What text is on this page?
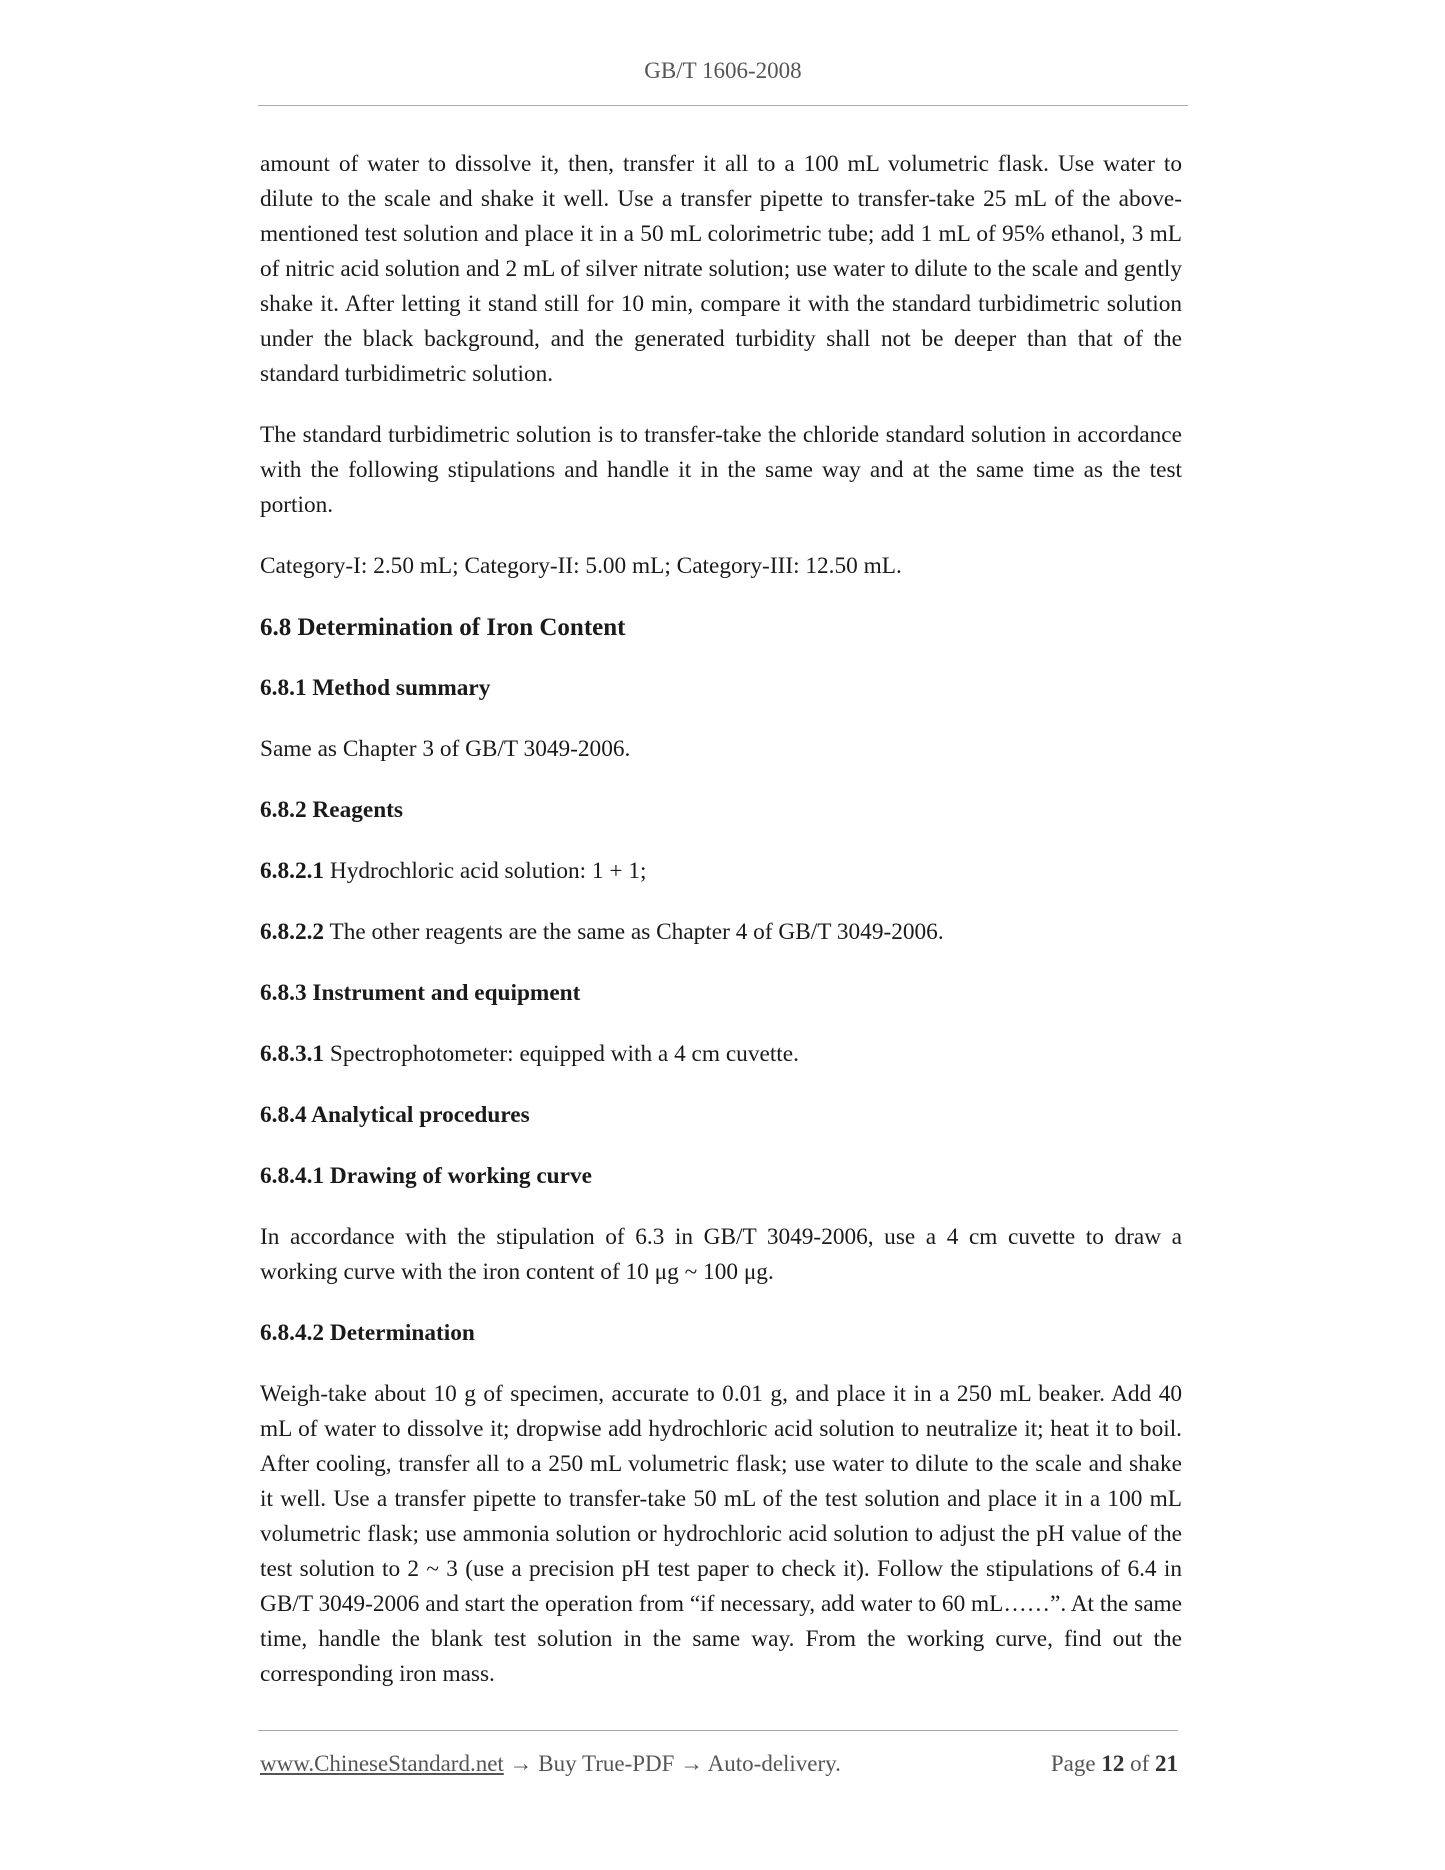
GB/T 1606-2008

amount of water to dissolve it, then, transfer it all to a 100 mL volumetric flask. Use water to dilute to the scale and shake it well. Use a transfer pipette to transfer-take 25 mL of the above-mentioned test solution and place it in a 50 mL colorimetric tube; add 1 mL of 95% ethanol, 3 mL of nitric acid solution and 2 mL of silver nitrate solution; use water to dilute to the scale and gently shake it. After letting it stand still for 10 min, compare it with the standard turbidimetric solution under the black background, and the generated turbidity shall not be deeper than that of the standard turbidimetric solution.

The standard turbidimetric solution is to transfer-take the chloride standard solution in accordance with the following stipulations and handle it in the same way and at the same time as the test portion.

Category-I: 2.50 mL; Category-II: 5.00 mL; Category-III: 12.50 mL.

6.8 Determination of Iron Content
6.8.1 Method summary

Same as Chapter 3 of GB/T 3049-2006.

6.8.2 Reagents

6.8.2.1 Hydrochloric acid solution: 1 + 1;

6.8.2.2 The other reagents are the same as Chapter 4 of GB/T 3049-2006.

6.8.3 Instrument and equipment

6.8.3.1 Spectrophotometer: equipped with a 4 cm cuvette.

6.8.4 Analytical procedures
6.8.4.1 Drawing of working curve

In accordance with the stipulation of 6.3 in GB/T 3049-2006, use a 4 cm cuvette to draw a working curve with the iron content of 10 μg ~ 100 μg.

6.8.4.2 Determination

Weigh-take about 10 g of specimen, accurate to 0.01 g, and place it in a 250 mL beaker. Add 40 mL of water to dissolve it; dropwise add hydrochloric acid solution to neutralize it; heat it to boil. After cooling, transfer all to a 250 mL volumetric flask; use water to dilute to the scale and shake it well. Use a transfer pipette to transfer-take 50 mL of the test solution and place it in a 100 mL volumetric flask; use ammonia solution or hydrochloric acid solution to adjust the pH value of the test solution to 2 ~ 3 (use a precision pH test paper to check it). Follow the stipulations of 6.4 in GB/T 3049-2006 and start the operation from “if necessary, add water to 60 mL……”. At the same time, handle the blank test solution in the same way. From the working curve, find out the corresponding iron mass.

www.ChineseStandard.net → Buy True-PDF → Auto-delivery.	Page 12 of 21
